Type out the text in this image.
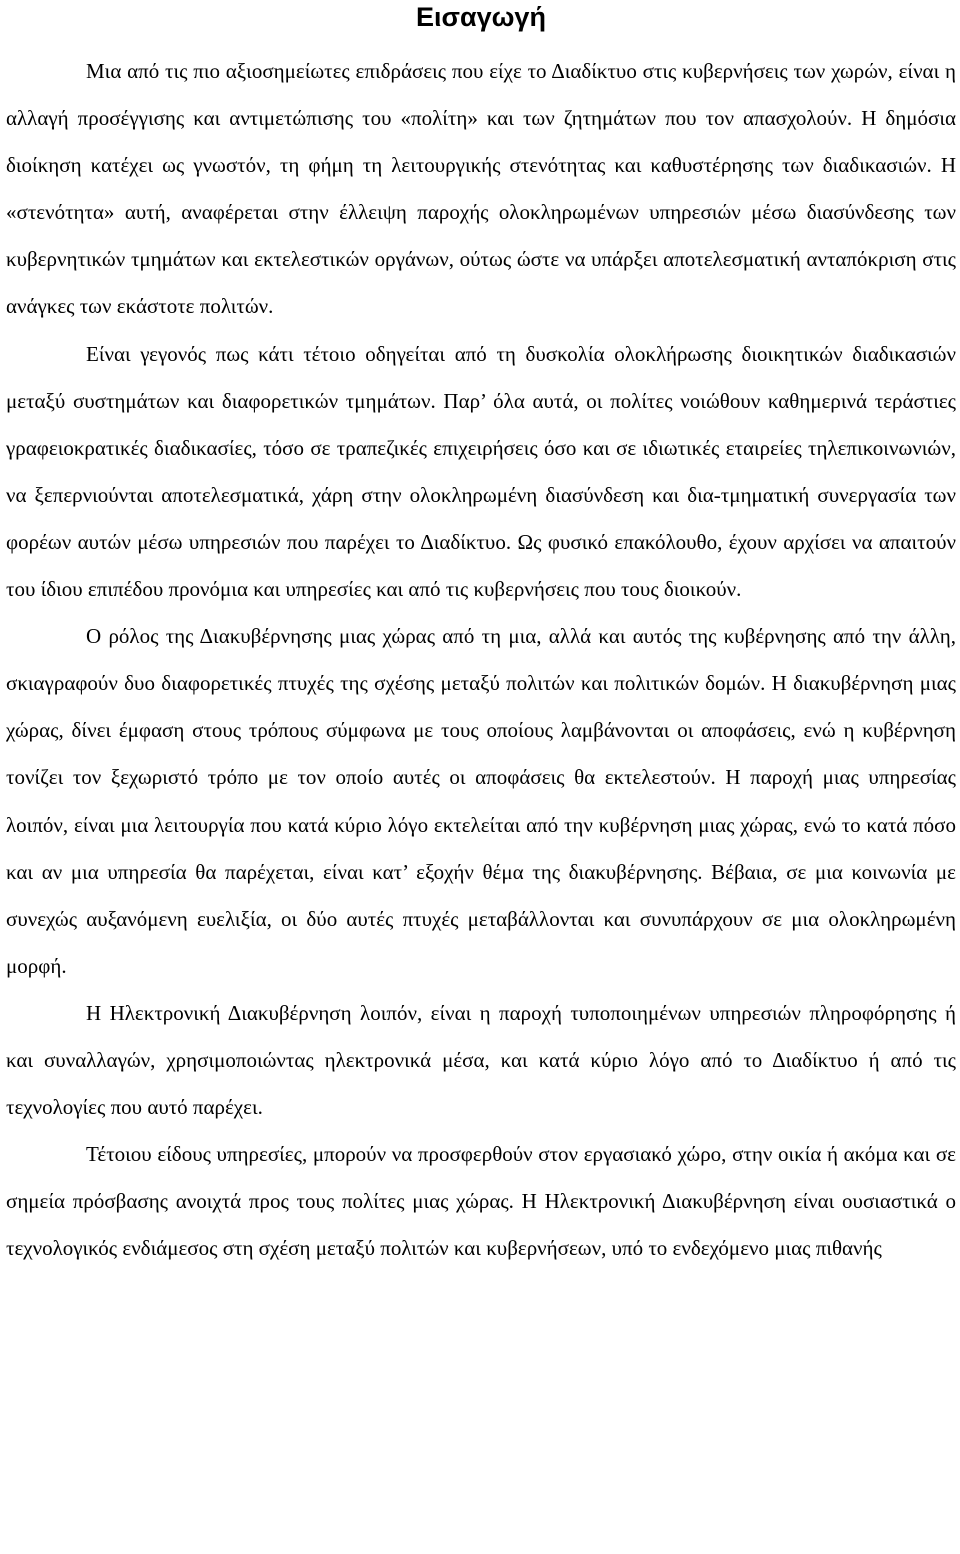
Εισαγωγή

Μια από τις πιο αξιοσημείωτες επιδράσεις που είχε το Διαδίκτυο στις κυβερνήσεις των χωρών, είναι η αλλαγή προσέγγισης και αντιμετώπισης του «πολίτη» και των ζητημάτων που τον απασχολούν. Η δημόσια διοίκηση κατέχει ως γνωστόν, τη φήμη τη λειτουργικής στενότητας και καθυστέρησης των διαδικασιών. Η «στενότητα» αυτή, αναφέρεται στην έλλειψη παροχής ολοκληρωμένων υπηρεσιών μέσω διασύνδεσης των κυβερνητικών τμημάτων και εκτελεστικών οργάνων, ούτως ώστε να υπάρξει αποτελεσματική ανταπόκριση στις ανάγκες των εκάστοτε πολιτών.

Είναι γεγονός πως κάτι τέτοιο οδηγείται από τη δυσκολία ολοκλήρωσης διοικητικών διαδικασιών μεταξύ συστημάτων και διαφορετικών τμημάτων. Παρ’ όλα αυτά, οι πολίτες νοιώθουν καθημερινά τεράστιες γραφειοκρατικές διαδικασίες, τόσο σε τραπεζικές επιχειρήσεις όσο και σε ιδιωτικές εταιρείες τηλεπικοινωνιών, να ξεπερνιούνται αποτελεσματικά, χάρη στην ολοκληρωμένη διασύνδεση και δια-τμηματική συνεργασία των φορέων αυτών μέσω υπηρεσιών που παρέχει το Διαδίκτυο. Ως φυσικό επακόλουθο, έχουν αρχίσει να απαιτούν του ίδιου επιπέδου προνόμια και υπηρεσίες και από τις κυβερνήσεις που τους διοικούν.

Ο ρόλος της Διακυβέρνησης μιας χώρας από τη μια, αλλά και αυτός της κυβέρνησης από την άλλη, σκιαγραφούν δυο διαφορετικές πτυχές της σχέσης μεταξύ πολιτών και πολιτικών δομών. Η διακυβέρνηση μιας χώρας, δίνει έμφαση στους τρόπους σύμφωνα με τους οποίους λαμβάνονται οι αποφάσεις, ενώ η κυβέρνηση τονίζει τον ξεχωριστό τρόπο με τον οποίο αυτές οι αποφάσεις θα εκτελεστούν. Η παροχή μιας υπηρεσίας λοιπόν, είναι μια λειτουργία που κατά κύριο λόγο εκτελείται από την κυβέρνηση μιας χώρας, ενώ το κατά πόσο και αν μια υπηρεσία θα παρέχεται, είναι κατ’ εξοχήν θέμα της διακυβέρνησης. Βέβαια, σε μια κοινωνία με συνεχώς αυξανόμενη ευελιξία, οι δύο αυτές πτυχές μεταβάλλονται και συνυπάρχουν σε μια ολοκληρωμένη μορφή.

Η Ηλεκτρονική Διακυβέρνηση λοιπόν, είναι η παροχή τυποποιημένων υπηρεσιών πληροφόρησης ή και συναλλαγών, χρησιμοποιώντας ηλεκτρονικά μέσα, και κατά κύριο λόγο από το Διαδίκτυο ή από τις τεχνολογίες που αυτό παρέχει.

Τέτοιου είδους υπηρεσίες, μπορούν να προσφερθούν στον εργασιακό χώρο, στην οικία ή ακόμα και σε σημεία πρόσβασης ανοιχτά προς τους πολίτες μιας χώρας. Η Ηλεκτρονική Διακυβέρνηση είναι ουσιαστικά ο τεχνολογικός ενδιάμεσος στη σχέση μεταξύ πολιτών και κυβερνήσεων, υπό το ενδεχόμενο μιας πιθανής
